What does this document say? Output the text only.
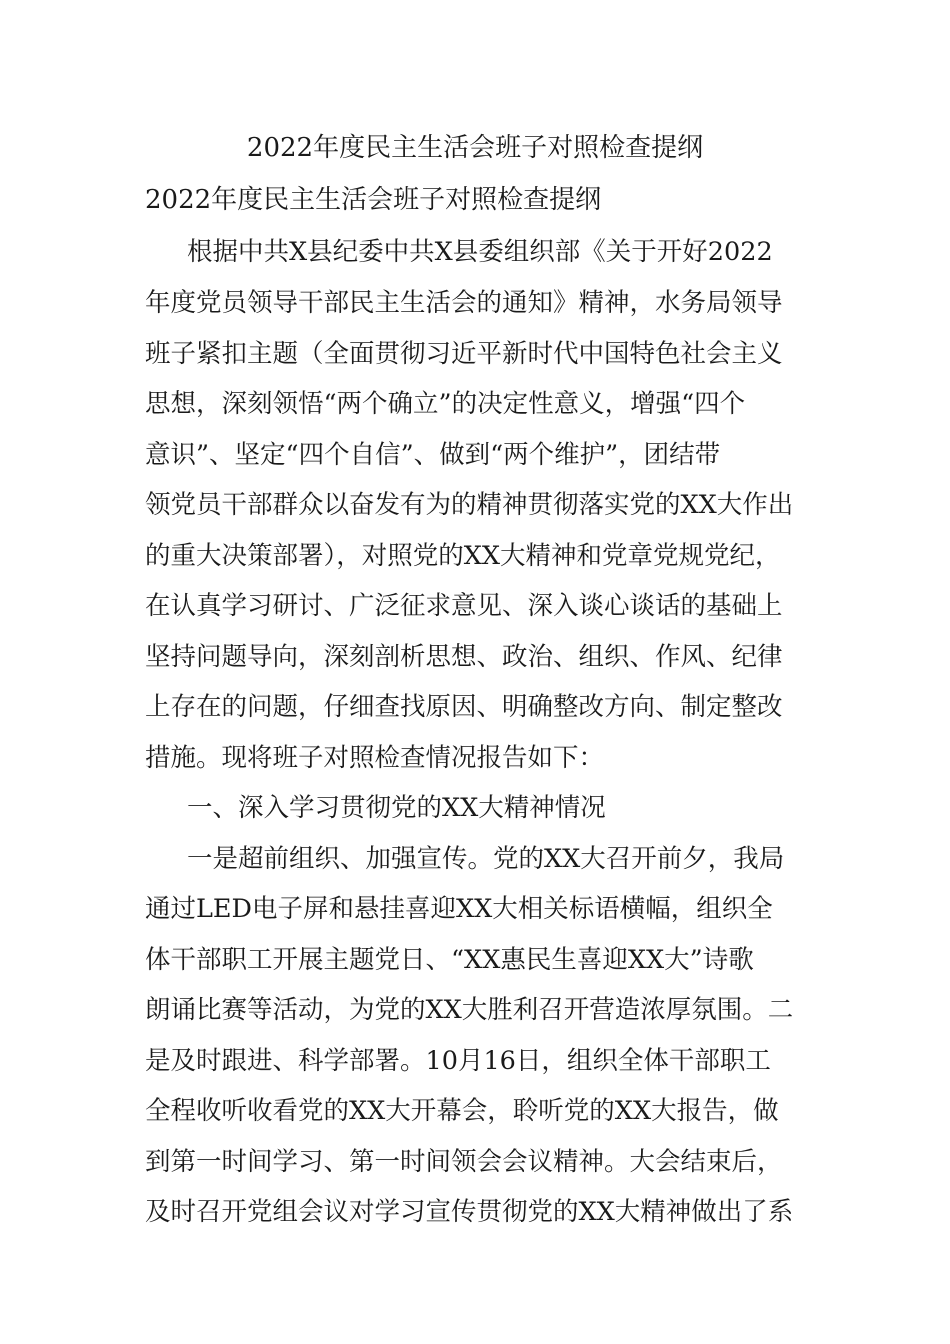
2022年度民主生活会班子对照检查提纲
2022年度民主生活会班子对照检查提纲
根据中共X县纪委中共X县委组织部《关于开好2022
年度党员领导干部民主生活会的通知》精神，水务局领导
班子紧扣主题（全面贯彻习近平新时代中国特色社会主义
思想，深刻领悟“两个确立”的决定性意义，增强“四个
意识”、坚定“四个自信”、做到“两个维护”，团结带
领党员干部群众以奋发有为的精神贯彻落实党的XX大作出
的重大决策部署），对照党的XX大精神和党章党规党纪，
在认真学习研讨、广泛征求意见、深入谈心谈话的基础上
坚持问题导向，深刻剖析思想、政治、组织、作风、纪律
上存在的问题，仔细查找原因、明确整改方向、制定整改
措施。现将班子对照检查情况报告如下：
一、深入学习贯彻党的XX大精神情况
一是超前组织、加强宣传。党的XX大召开前夕，我局
通过LED电子屏和悬挂喜迎XX大相关标语横幅，组织全
体干部职工开展主题党日、“XX惠民生喜迎XX大”诗歌
朗诵比赛等活动，为党的XX大胜利召开营造浓厚氛围。二
是及时跟进、科学部署。10月16日，组织全体干部职工
全程收听收看党的XX大开幕会，聆听党的XX大报告，做
到第一时间学习、第一时间领会会议精神。大会结束后，
及时召开党组会议对学习宣传贯彻党的XX大精神做出了系
